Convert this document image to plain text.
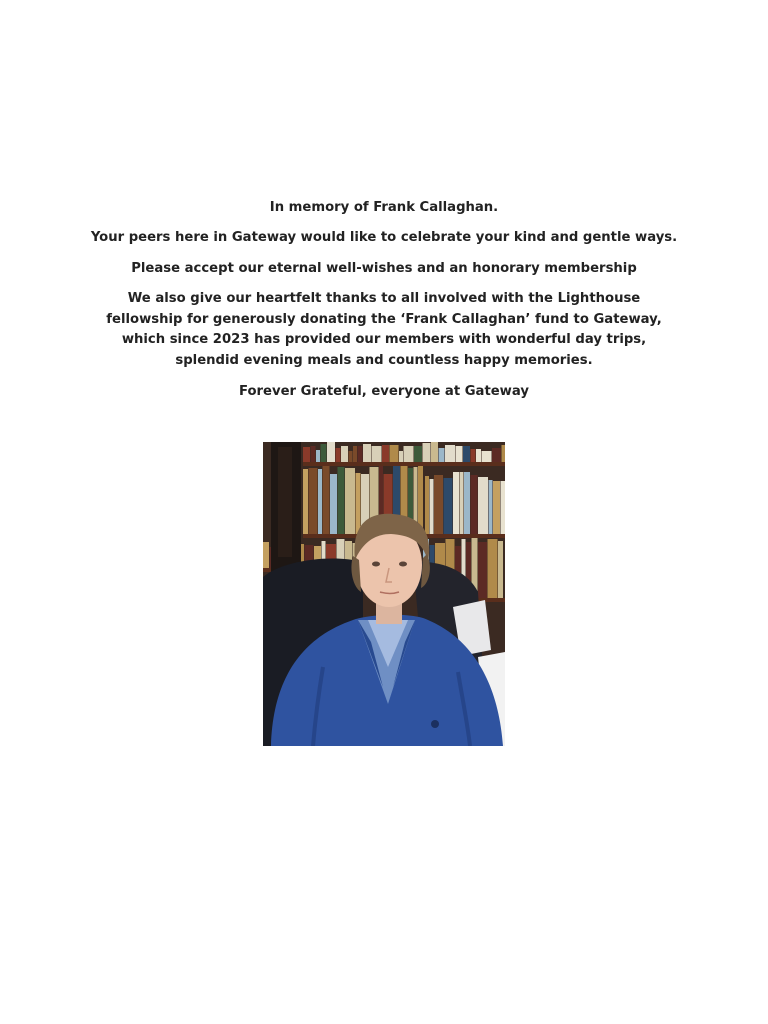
In memory of Frank Callaghan.

Your peers here in Gateway would like to celebrate your kind and gentle ways.

Please accept our eternal well-wishes and an honorary membership

We also give our heartfelt thanks to all involved with the Lighthouse fellowship for generously donating the ‘Frank Callaghan’ fund to Gateway, which since 2023 has provided our members with wonderful day trips, splendid evening meals and countless happy memories.

Forever Grateful, everyone at Gateway
